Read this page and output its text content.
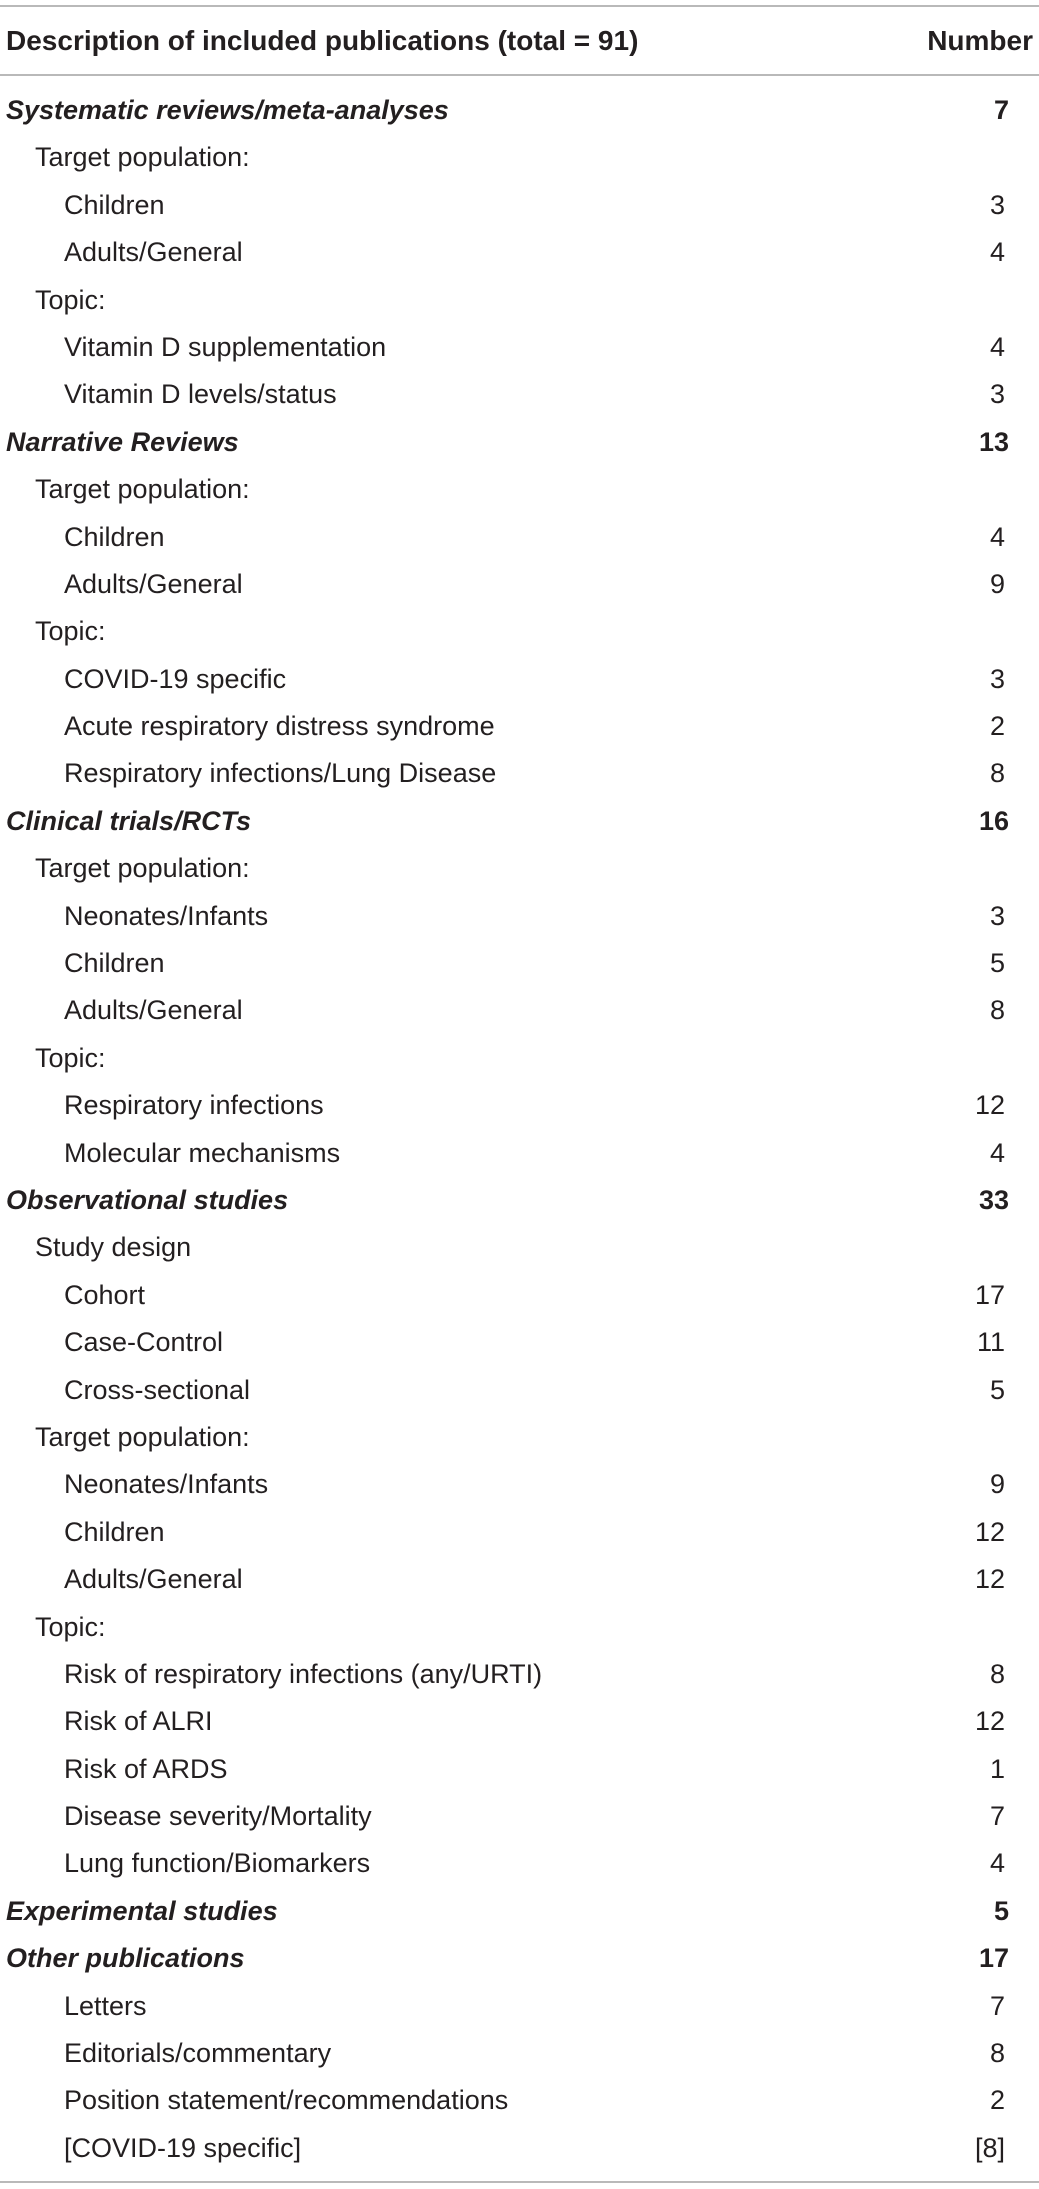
Description of included publications (total = 91)	Number
Systematic reviews/meta-analyses	7
Target population:
Children	3
Adults/General	4
Topic:
Vitamin D supplementation	4
Vitamin D levels/status	3
Narrative Reviews	13
Target population:
Children	4
Adults/General	9
Topic:
COVID-19 specific	3
Acute respiratory distress syndrome	2
Respiratory infections/Lung Disease	8
Clinical trials/RCTs	16
Target population:
Neonates/Infants	3
Children	5
Adults/General	8
Topic:
Respiratory infections	12
Molecular mechanisms	4
Observational studies	33
Study design
Cohort	17
Case-Control	11
Cross-sectional	5
Target population:
Neonates/Infants	9
Children	12
Adults/General	12
Topic:
Risk of respiratory infections (any/URTI)	8
Risk of ALRI	12
Risk of ARDS	1
Disease severity/Mortality	7
Lung function/Biomarkers	4
Experimental studies	5
Other publications	17
Letters	7
Editorials/commentary	8
Position statement/recommendations	2
[COVID-19 specific]	[8]
